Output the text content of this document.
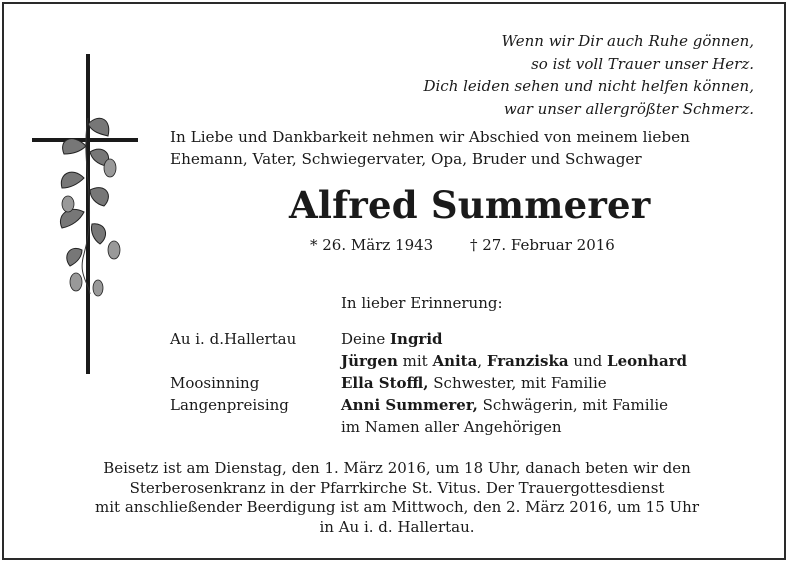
Wenn wir Dir auch Ruhe gönnen,
so ist voll Trauer unser Herz.
Dich leiden sehen und nicht helfen können,
war unser allergrößter Schmerz.
In Liebe und Dankbarkeit nehmen wir Abschied von meinem lieben
Ehemann, Vater, Schwiegervater, Opa, Bruder und Schwager
Alfred Summerer
* 26. März 1943 † 27. Februar 2016
In lieber Erinnerung:
Au i. d.Hallertau	Deine Ingrid
Jürgen mit Anita, Franziska und Leonhard
Moosinning	Ella Stoffl, Schwester, mit Familie
Langenpreising	Anni Summerer, Schwägerin, mit Familie
im Namen aller Angehörigen
Beisetz ist am Dienstag, den 1. März 2016, um 18 Uhr, danach beten wir den
Sterberosenkranz in der Pfarrkirche St. Vitus. Der Trauergottesdienst
mit anschließender Beerdigung ist am Mittwoch, den 2. März 2016, um 15 Uhr
in Au i. d. Hallertau.
